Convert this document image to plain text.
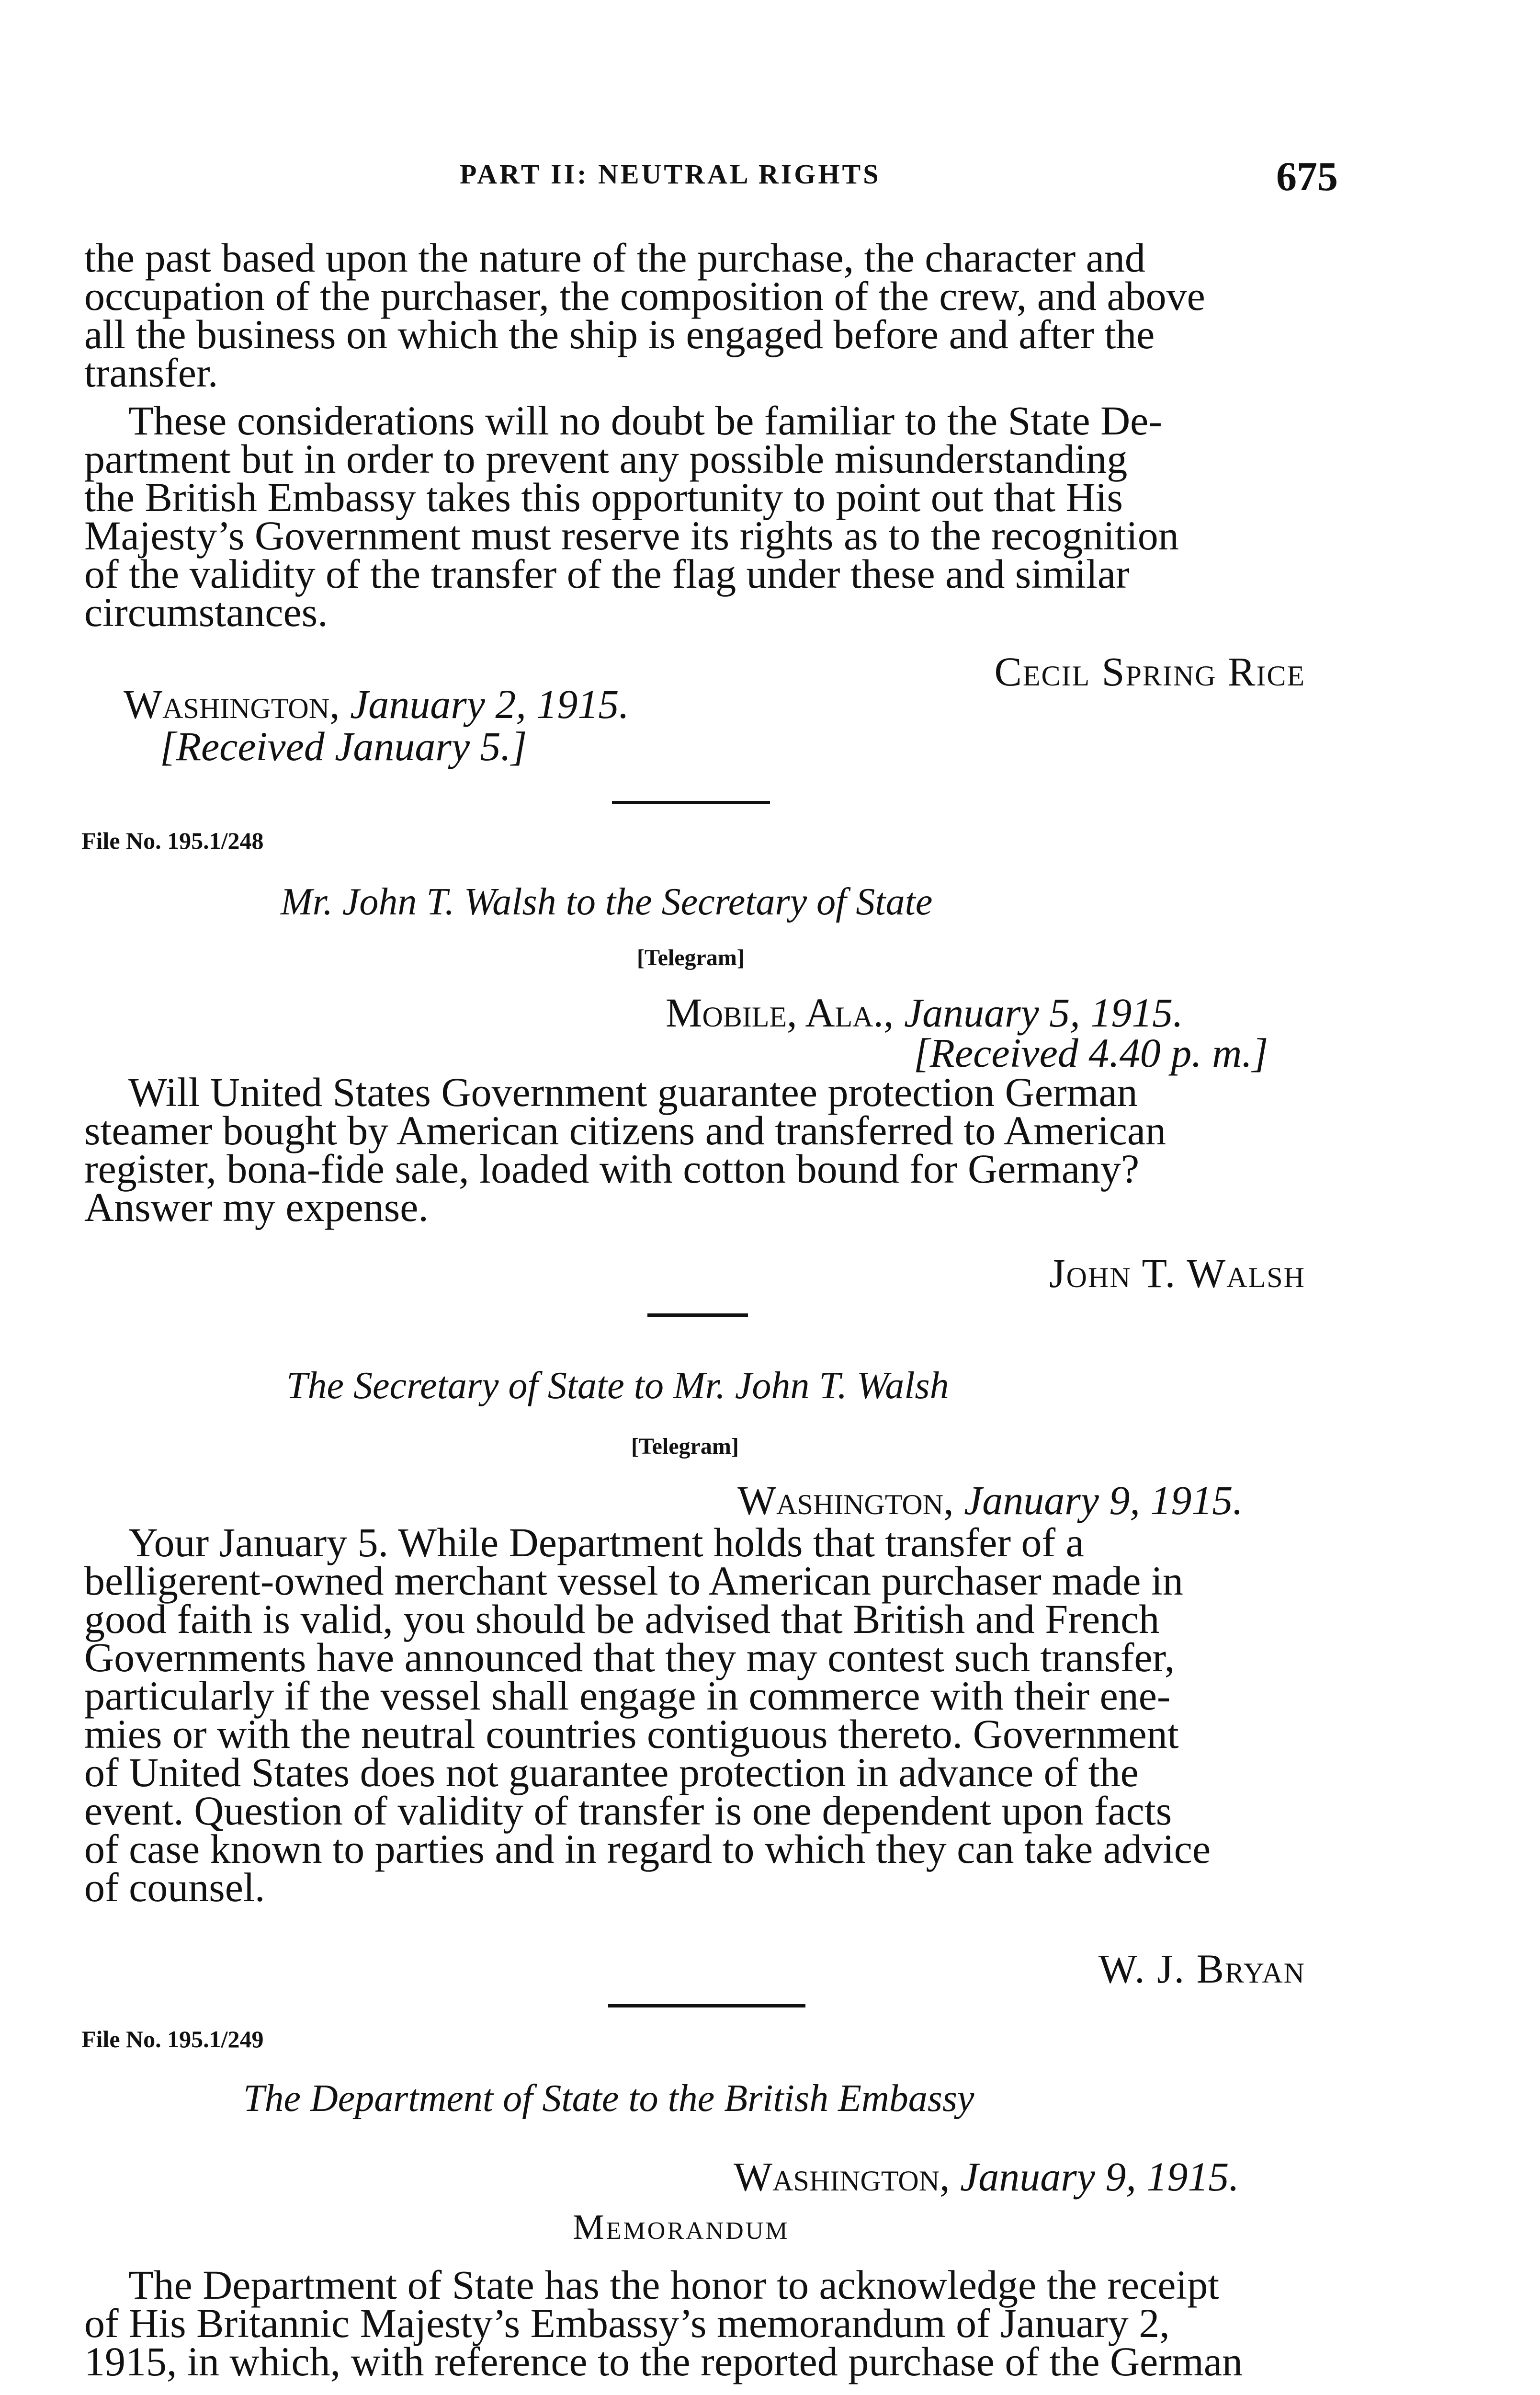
PART II: NEUTRAL RIGHTS	675

the past based upon the nature of the purchase, the character and

occupation of the purchaser, the composition of the crew, and above

all the business on which the ship is engaged before and after the

transfer.

These considerations will no doubt be familiar to the State De-

partment but in order to prevent any possible misunderstanding

the British Embassy takes this opportunity to point out that His

Majesty’s Government must reserve its rights as to the recognition

of the validity of the transfer of the flag under these and similar

circumstances.

Cecil Spring Rice
Washington, January 2, 1915.
[Received January 5.]
File No. 195.1/248
Mr. John T. Walsh to the Secretary of State
[Telegram]
Mobile, Ala., January 5, 1915.
[Received 4.40 p. m.]

Will United States Government guarantee protection German

steamer bought by American citizens and transferred to American

register, bona-fide sale, loaded with cotton bound for Germany?

Answer my expense.

John T. Walsh
The Secretary of State to Mr. John T. Walsh
[Telegram]
Washington, January 9, 1915.

Your January 5. While Department holds that transfer of a

belligerent-owned merchant vessel to American purchaser made in

good faith is valid, you should be advised that British and French

Governments have announced that they may contest such transfer,

particularly if the vessel shall engage in commerce with their ene-

mies or with the neutral countries contiguous thereto. Government

of United States does not guarantee protection in advance of the

event. Question of validity of transfer is one dependent upon facts

of case known to parties and in regard to which they can take advice

of counsel.

W. J. Bryan
File No. 195.1/249
The Department of State to the British Embassy
Washington, January 9, 1915.
Memorandum

The Department of State has the honor to acknowledge the receipt

of His Britannic Majesty’s Embassy’s memorandum of January 2,

1915, in which, with reference to the reported purchase of the German
